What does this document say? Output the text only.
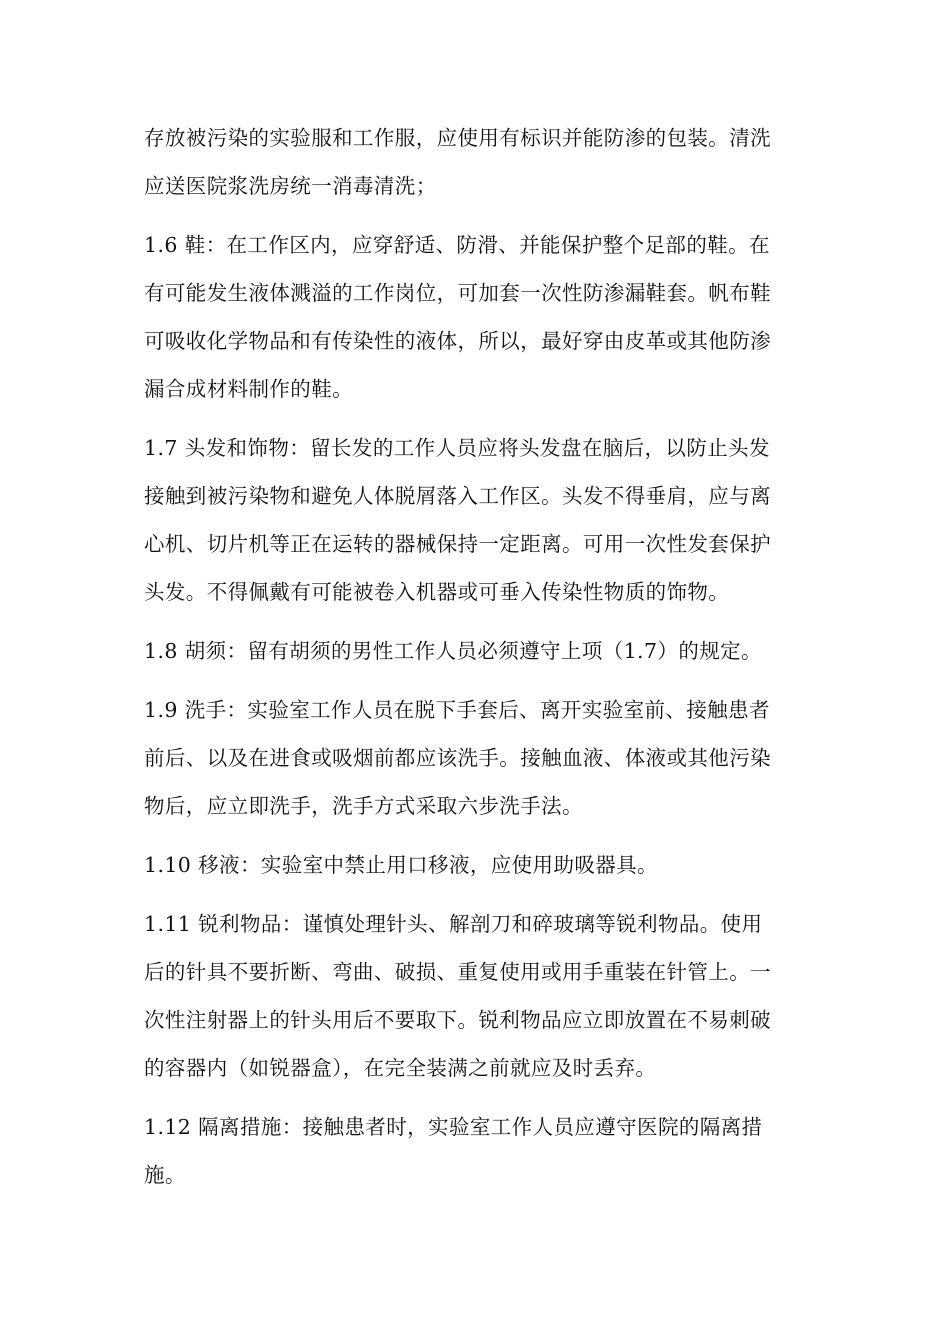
存放被污染的实验服和工作服，应使用有标识并能防渗的包装。清洗
应送医院浆洗房统一消毒清洗；

1.6 鞋：在工作区内，应穿舒适、防滑、并能保护整个足部的鞋。在
有可能发生液体溅溢的工作岗位，可加套一次性防渗漏鞋套。帆布鞋
可吸收化学物品和有传染性的液体，所以，最好穿由皮革或其他防渗
漏合成材料制作的鞋。

1.7 头发和饰物：留长发的工作人员应将头发盘在脑后，以防止头发
接触到被污染物和避免人体脱屑落入工作区。头发不得垂肩，应与离
心机、切片机等正在运转的器械保持一定距离。可用一次性发套保护
头发。不得佩戴有可能被卷入机器或可垂入传染性物质的饰物。

1.8 胡须：留有胡须的男性工作人员必须遵守上项（1.7）的规定。

1.9 洗手：实验室工作人员在脱下手套后、离开实验室前、接触患者
前后、以及在进食或吸烟前都应该洗手。接触血液、体液或其他污染
物后，应立即洗手，洗手方式采取六步洗手法。

1.10 移液：实验室中禁止用口移液，应使用助吸器具。

1.11 锐利物品：谨慎处理针头、解剖刀和碎玻璃等锐利物品。使用
后的针具不要折断、弯曲、破损、重复使用或用手重装在针管上。一
次性注射器上的针头用后不要取下。锐利物品应立即放置在不易刺破
的容器内（如锐器盒），在完全装满之前就应及时丢弃。

1.12 隔离措施：接触患者时，实验室工作人员应遵守医院的隔离措
施。
